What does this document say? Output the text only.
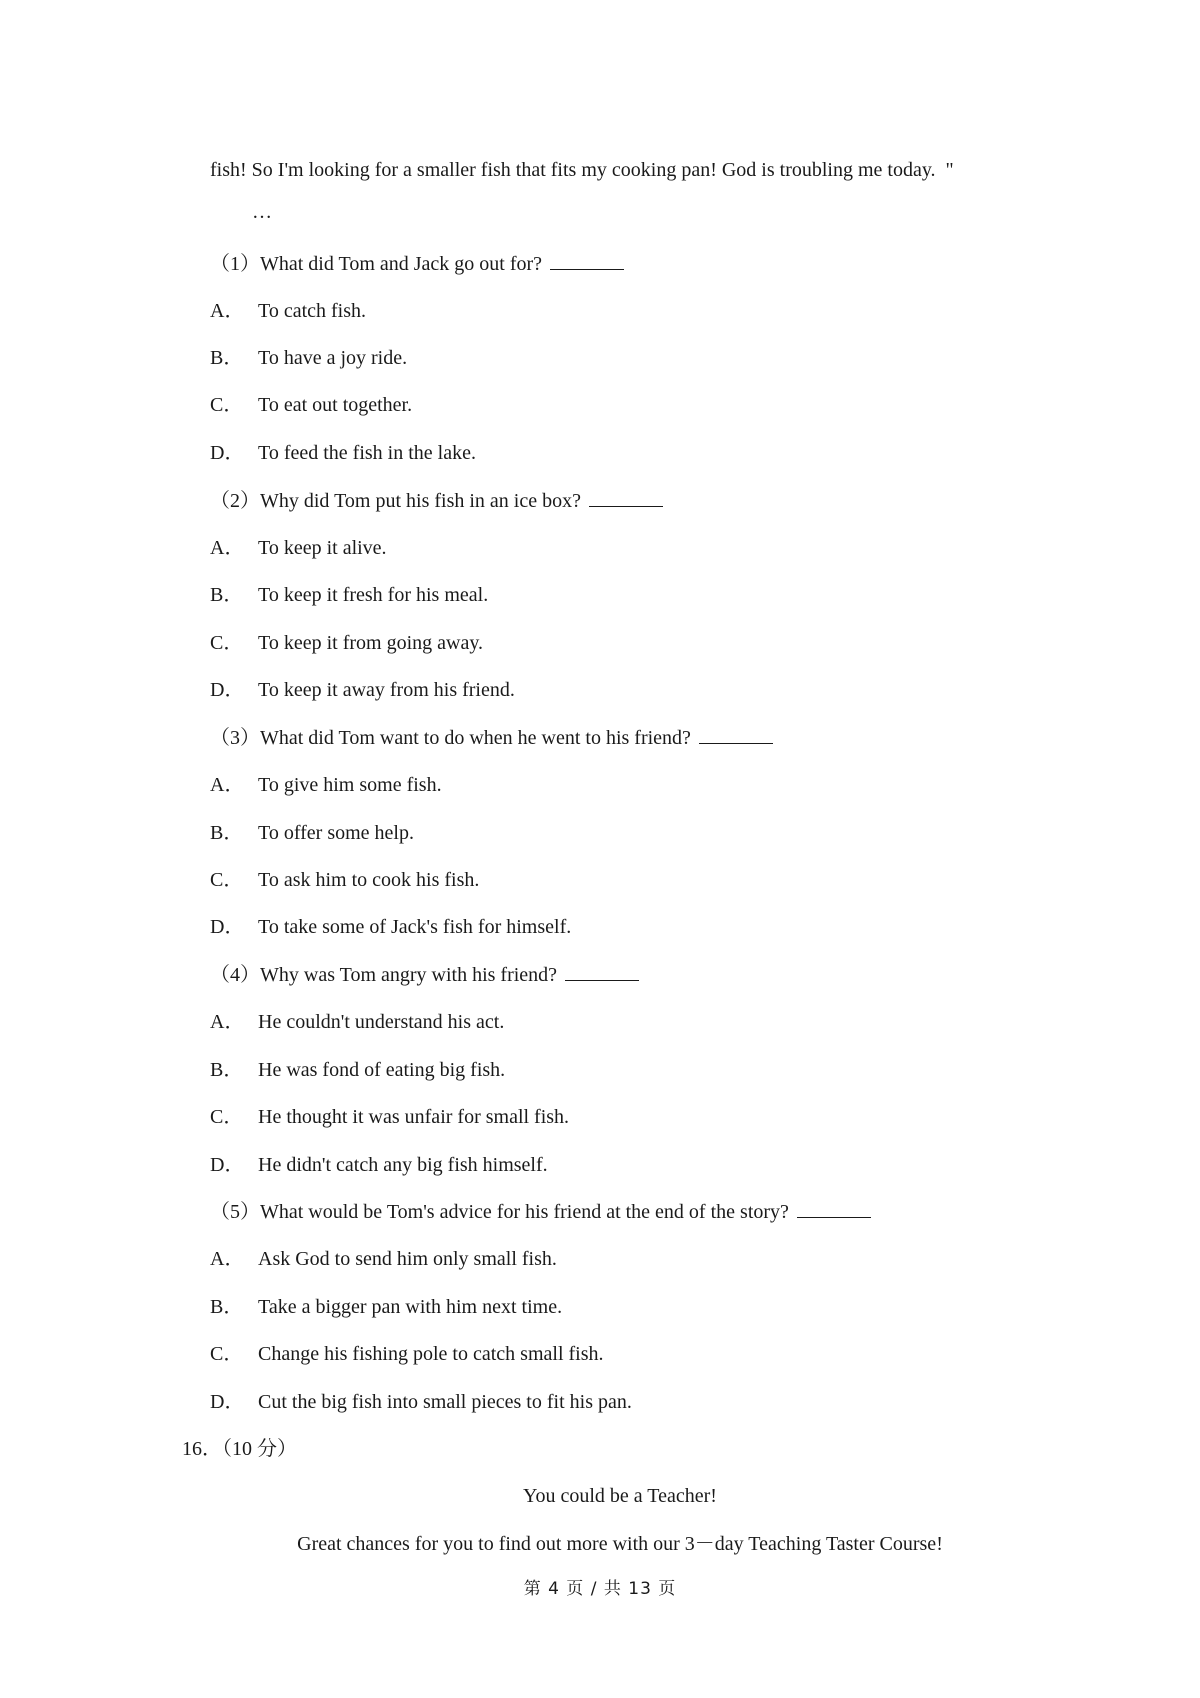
fish! So I'm looking for a smaller fish that fits my cooking pan! God is troubling me today.  "
…
（1）What did Tom and Jack go out for?
A． To catch fish.
B． To have a joy ride.
C． To eat out together.
D． To feed the fish in the lake.
（2）Why did Tom put his fish in an ice box?
A． To keep it alive.
B． To keep it fresh for his meal.
C． To keep it from going away.
D． To keep it away from his friend.
（3）What did Tom want to do when he went to his friend?
A． To give him some fish.
B． To offer some help.
C． To ask him to cook his fish.
D． To take some of Jack's fish for himself.
（4）Why was Tom angry with his friend?
A． He couldn't understand his act.
B． He was fond of eating big fish.
C． He thought it was unfair for small fish.
D． He didn't catch any big fish himself.
（5）What would be Tom's advice for his friend at the end of the story?
A． Ask God to send him only small fish.
B． Take a bigger pan with him next time.
C． Change his fishing pole to catch small fish.
D． Cut the big fish into small pieces to fit his pan.
16．（10 分）
You could be a Teacher!
Great chances for you to find out more with our 3－day Teaching Taster Course!
第 4 页 / 共 13 页
